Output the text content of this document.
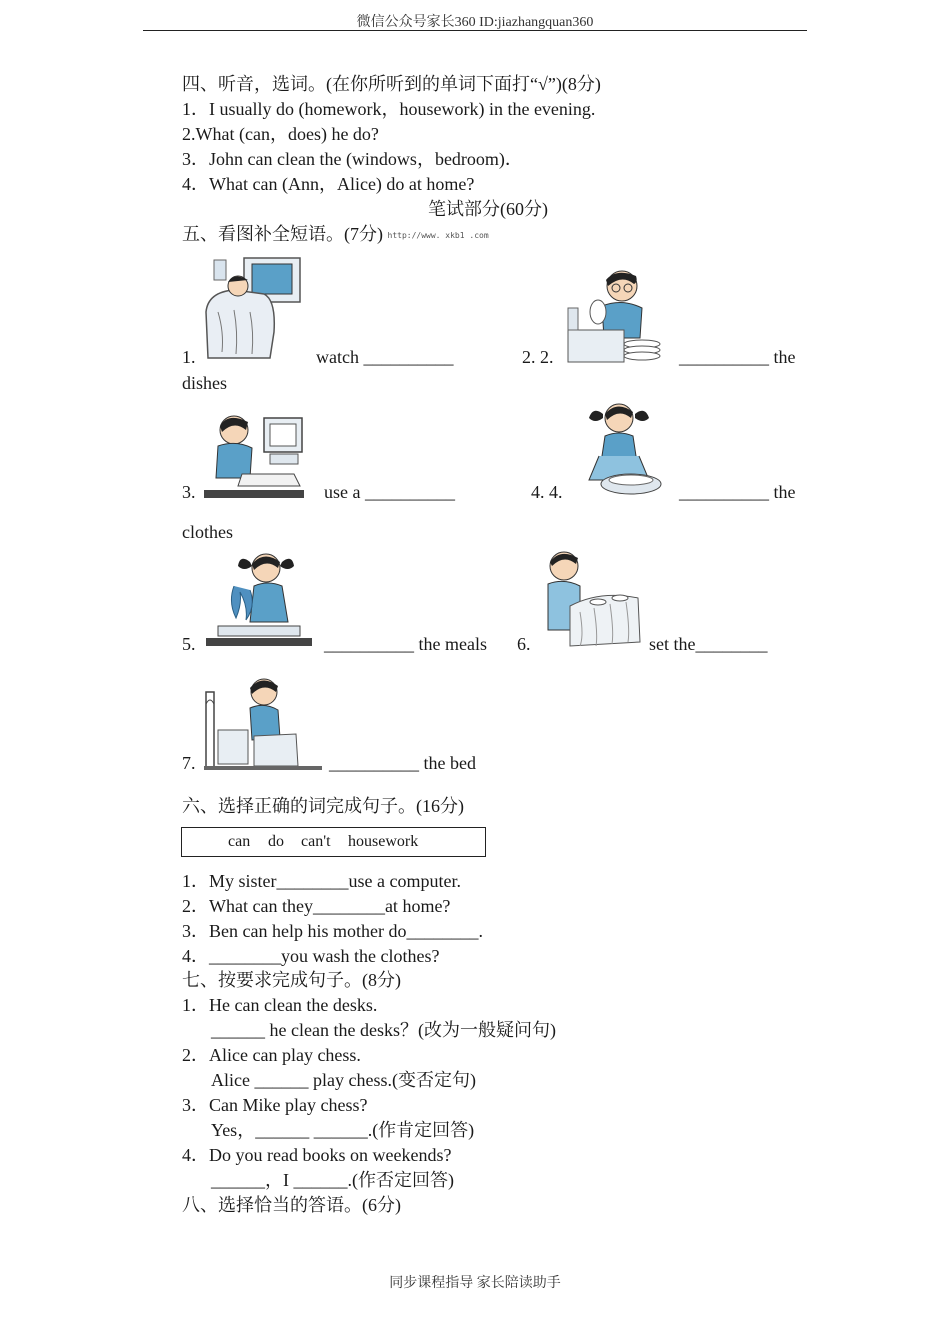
微信公众号家长360 ID:jiazhangquan360
四、听音，选词。(在你所听到的单词下面打“√”)(8分)
1．I usually do (homework，housework) in the evening.
2.What (can，does) he do?
3．John can clean the (windows，bedroom)．
4．What can (Ann，Alice) do at home?
笔试部分(60分)
五、看图补全短语。(7分) http://www. xkb1 .com
1.	watch __________	2. 2.	__________ the
dishes
3.	use a __________	4. 4.	__________ the
clothes
5.	__________ the meals 6.	set the________
7.	__________ the bed
六、选择正确的词完成句子。(16分)
can do can't housework
1．My sister________use a computer.
2．What can they________at home?
3．Ben can help his mother do________.
4．________you wash the clothes?
七、按要求完成句子。(8分)
1．He can clean the desks.
______ he clean the desks？(改为一般疑问句)
2．Alice can play chess.
Alice ______ play chess.(变否定句)
3．Can Mike play chess?
Yes，______ ______.(作肯定回答)
4．Do you read books on weekends?
______，I ______.(作否定回答)
八、选择恰当的答语。(6分)
同步课程指导 家长陪读助手
